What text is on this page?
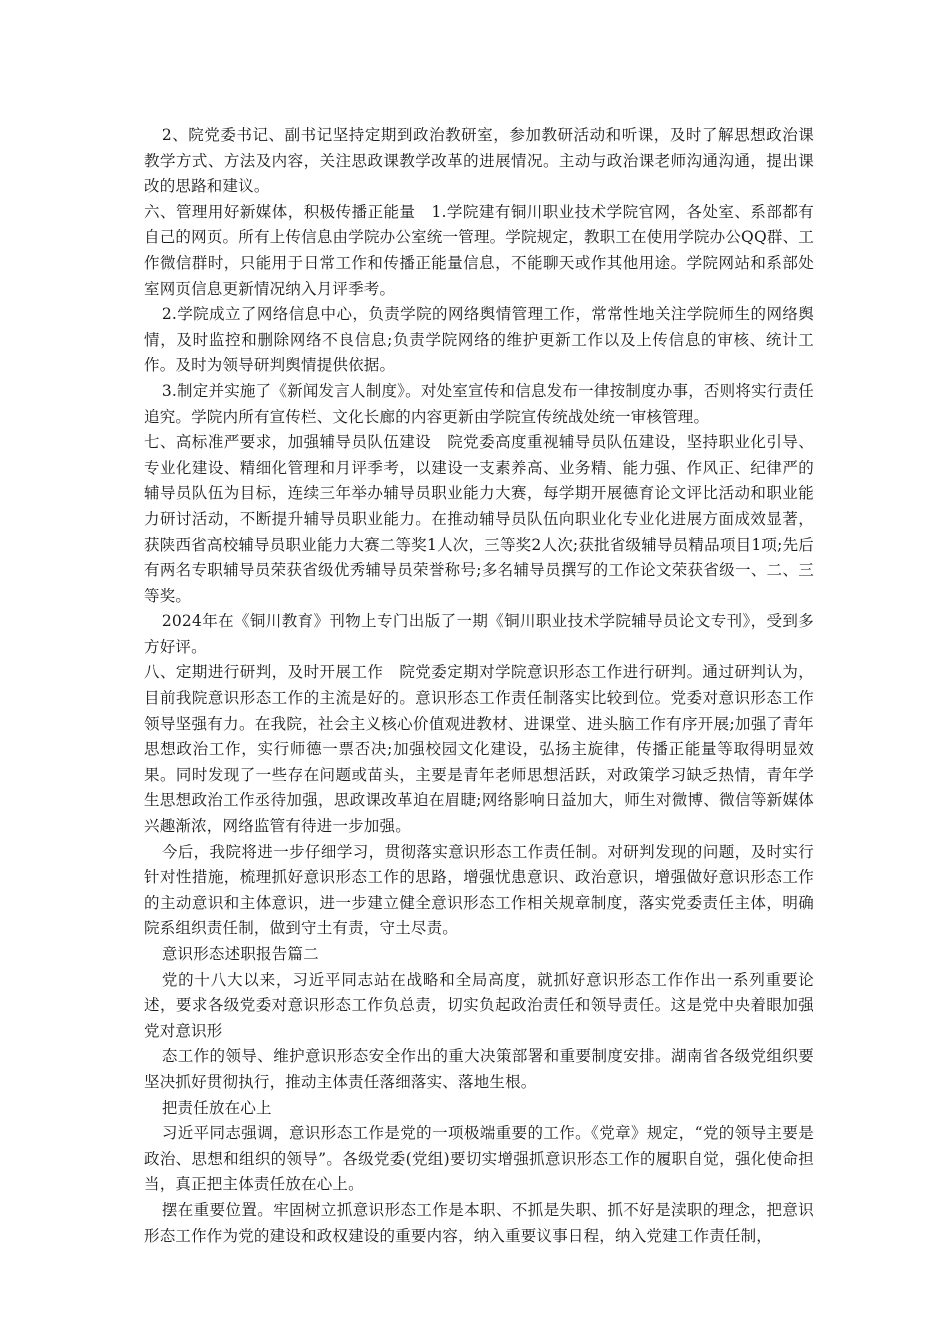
2、院党委书记、副书记坚持定期到政治教研室，参加教研活动和听课，及时了解思想政治课教学方式、方法及内容，关注思政课教学改革的进展情况。主动与政治课老师沟通沟通，提出课改的思路和建议。

六、管理用好新媒体，积极传播正能量　1.学院建有铜川职业技术学院官网，各处室、系部都有自己的网页。所有上传信息由学院办公室统一管理。学院规定，教职工在使用学院办公QQ群、工作微信群时，只能用于日常工作和传播正能量信息，不能聊天或作其他用途。学院网站和系部处室网页信息更新情况纳入月评季考。

2.学院成立了网络信息中心，负责学院的网络舆情管理工作，常常性地关注学院师生的网络舆情，及时监控和删除网络不良信息;负责学院网络的维护更新工作以及上传信息的审核、统计工作。及时为领导研判舆情提供依据。

3.制定并实施了《新闻发言人制度》。对处室宣传和信息发布一律按制度办事，否则将实行责任追究。学院内所有宣传栏、文化长廊的内容更新由学院宣传统战处统一审核管理。

七、高标准严要求，加强辅导员队伍建设　院党委高度重视辅导员队伍建设，坚持职业化引导、专业化建设、精细化管理和月评季考，以建设一支素养高、业务精、能力强、作风正、纪律严的辅导员队伍为目标，连续三年举办辅导员职业能力大赛，每学期开展德育论文评比活动和职业能力研讨活动，不断提升辅导员职业能力。在推动辅导员队伍向职业化专业化进展方面成效显著，获陕西省高校辅导员职业能力大赛二等奖1人次，三等奖2人次;获批省级辅导员精品项目1项;先后有两名专职辅导员荣获省级优秀辅导员荣誉称号;多名辅导员撰写的工作论文荣获省级一、二、三等奖。

2024年在《铜川教育》刊物上专门出版了一期《铜川职业技术学院辅导员论文专刊》，受到多方好评。

八、定期进行研判，及时开展工作　院党委定期对学院意识形态工作进行研判。通过研判认为，目前我院意识形态工作的主流是好的。意识形态工作责任制落实比较到位。党委对意识形态工作领导坚强有力。在我院，社会主义核心价值观进教材、进课堂、进头脑工作有序开展;加强了青年思想政治工作，实行师德一票否决;加强校园文化建设，弘扬主旋律，传播正能量等取得明显效果。同时发现了一些存在问题或苗头，主要是青年老师思想活跃，对政策学习缺乏热情，青年学生思想政治工作丞待加强，思政课改革迫在眉睫;网络影响日益加大，师生对微博、微信等新媒体兴趣渐浓，网络监管有待进一步加强。

今后，我院将进一步仔细学习，贯彻落实意识形态工作责任制。对研判发现的问题，及时实行针对性措施，梳理抓好意识形态工作的思路，增强忧患意识、政治意识，增强做好意识形态工作的主动意识和主体意识，进一步建立健全意识形态工作相关规章制度，落实党委责任主体，明确院系组织责任制，做到守土有责，守土尽责。

意识形态述职报告篇二

党的十八大以来，习近平同志站在战略和全局高度，就抓好意识形态工作作出一系列重要论述，要求各级党委对意识形态工作负总责，切实负起政治责任和领导责任。这是党中央着眼加强党对意识形

态工作的领导、维护意识形态安全作出的重大决策部署和重要制度安排。湖南省各级党组织要坚决抓好贯彻执行，推动主体责任落细落实、落地生根。

把责任放在心上

习近平同志强调，意识形态工作是党的一项极端重要的工作。《党章》规定，“党的领导主要是政治、思想和组织的领导”。各级党委(党组)要切实增强抓意识形态工作的履职自觉，强化使命担当，真正把主体责任放在心上。

摆在重要位置。牢固树立抓意识形态工作是本职、不抓是失职、抓不好是渎职的理念，把意识形态工作作为党的建设和政权建设的重要内容，纳入重要议事日程，纳入党建工作责任制，
